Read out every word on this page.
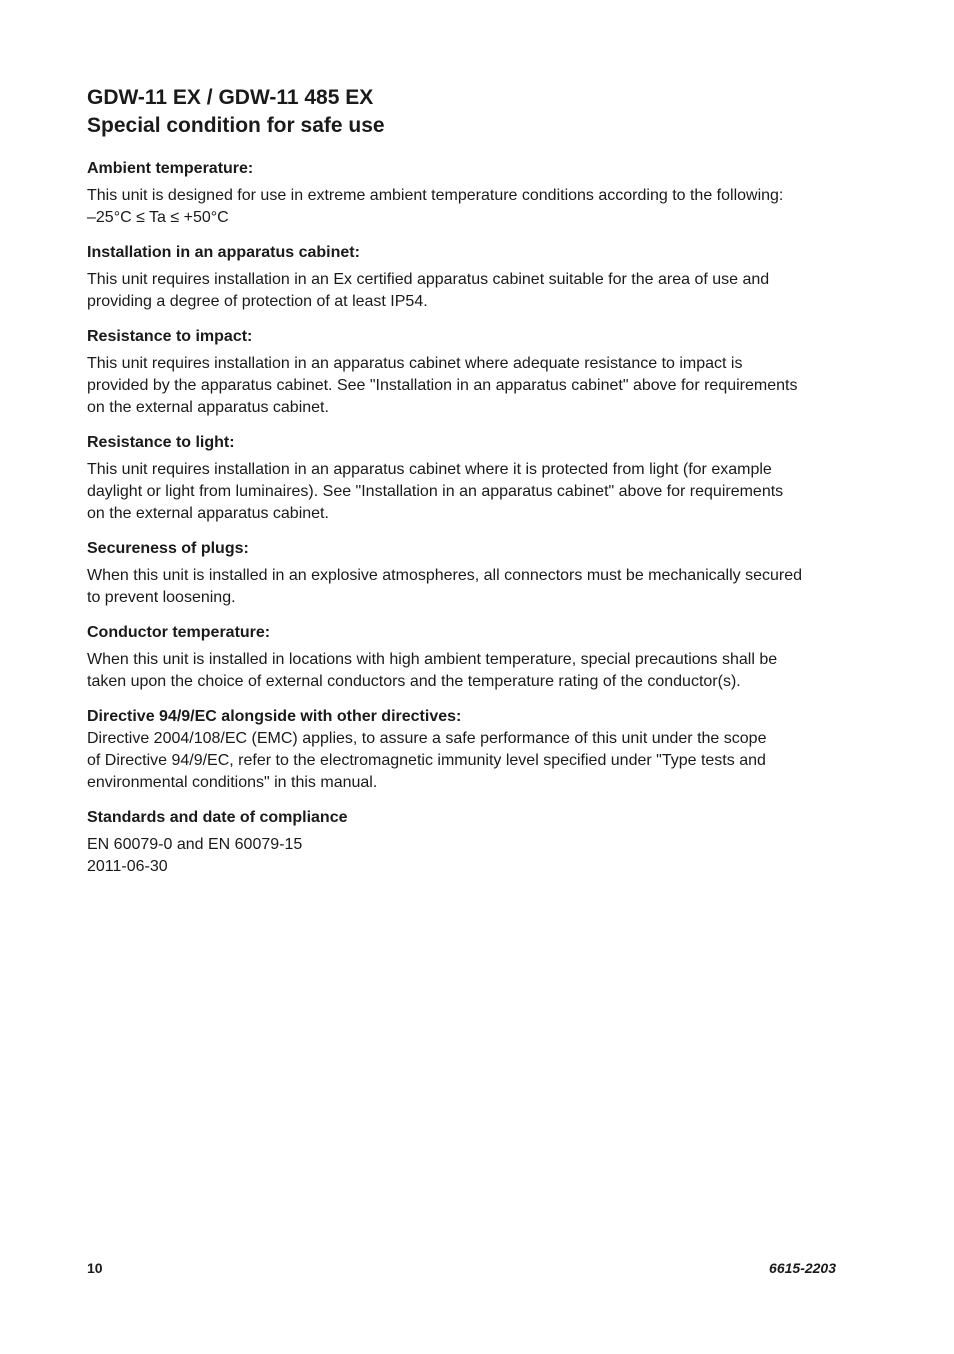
GDW-11 EX / GDW-11 485 EX
Special condition for safe use
Ambient temperature:
This unit is designed for use in extreme ambient temperature conditions according to the following:
–25°C ≤ Ta ≤ +50°C
Installation in an apparatus cabinet:
This unit requires installation in an Ex certified apparatus cabinet suitable for the area of use and
providing a degree of protection of at least IP54.
Resistance to impact:
This unit requires installation in an apparatus cabinet where adequate resistance to impact is
provided by the apparatus cabinet. See "Installation in an apparatus cabinet" above for requirements
on the external apparatus cabinet.
Resistance to light:
This unit requires installation in an apparatus cabinet where it is protected from light (for example
daylight or light from luminaires). See "Installation in an apparatus cabinet" above for requirements
on the external apparatus cabinet.
Secureness of plugs:
When this unit is installed in an explosive atmospheres, all connectors must be mechanically secured
to prevent loosening.
Conductor temperature:
When this unit is installed in locations with high ambient temperature, special precautions shall be
taken upon the choice of external conductors and the temperature rating of the conductor(s).
Directive 94/9/EC alongside with other directives:
Directive 2004/108/EC (EMC) applies, to assure a safe performance of this unit under the scope
of Directive 94/9/EC, refer to the electromagnetic immunity level specified under "Type tests and
environmental conditions" in this manual.
Standards and date of compliance
EN 60079-0 and EN 60079-15
2011-06-30
10	6615-2203
